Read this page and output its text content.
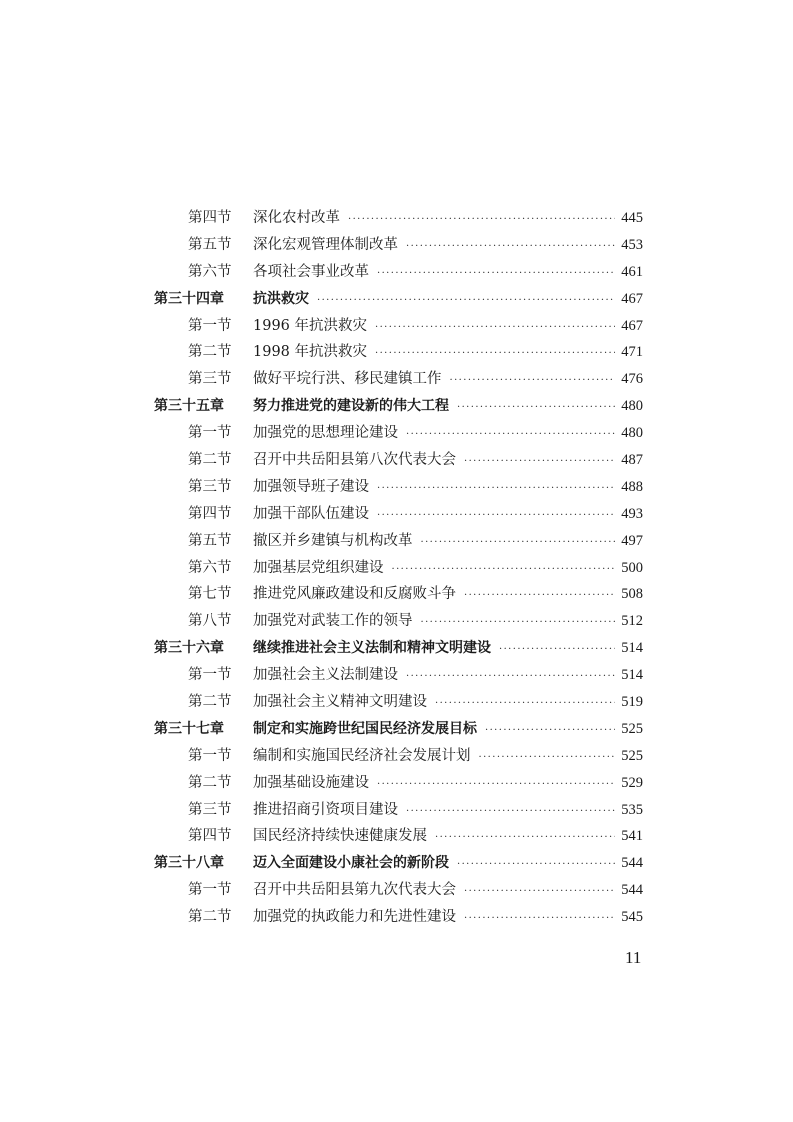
第四节 深化农村改革 ·····	445
第五节 深化宏观管理体制改革 ·····	453
第六节 各项社会事业改革 ·····	461
第三十四章 抗洪救灾 ·····	467
第一节 1996 年抗洪救灾 ·····	467
第二节 1998 年抗洪救灾 ·····	471
第三节 做好平垸行洪、移民建镇工作 ·····	476
第三十五章 努力推进党的建设新的伟大工程 ·····	480
第一节 加强党的思想理论建设 ·····	480
第二节 召开中共岳阳县第八次代表大会 ·····	487
第三节 加强领导班子建设 ·····	488
第四节 加强干部队伍建设 ·····	493
第五节 撤区并乡建镇与机构改革 ·····	497
第六节 加强基层党组织建设 ·····	500
第七节 推进党风廉政建设和反腐败斗争 ·····	508
第八节 加强党对武装工作的领导 ·····	512
第三十六章 继续推进社会主义法制和精神文明建设 ·····	514
第一节 加强社会主义法制建设 ·····	514
第二节 加强社会主义精神文明建设 ·····	519
第三十七章 制定和实施跨世纪国民经济发展目标 ·····	525
第一节 编制和实施国民经济社会发展计划 ·····	525
第二节 加强基础设施建设 ·····	529
第三节 推进招商引资项目建设 ·····	535
第四节 国民经济持续快速健康发展 ·····	541
第三十八章 迈入全面建设小康社会的新阶段 ·····	544
第一节 召开中共岳阳县第九次代表大会 ·····	544
第二节 加强党的执政能力和先进性建设 ·····	545
11
